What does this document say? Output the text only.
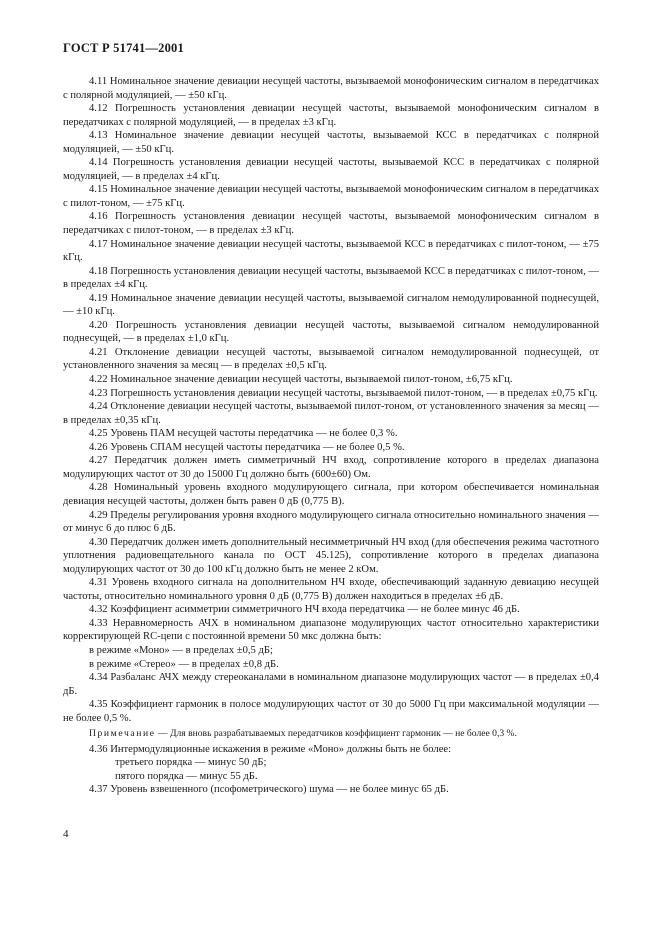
ГОСТ Р 51741—2001

4.11 Номинальное значение девиации несущей частоты, вызываемой монофоническим сигналом в передатчиках с полярной модуляцией, — ±50 кГц.

4.12 Погрешность установления девиации несущей частоты, вызываемой монофоническим сигналом в передатчиках с полярной модуляцией, — в пределах ±3 кГц.

4.13 Номинальное значение девиации несущей частоты, вызываемой КСС в передатчиках с полярной модуляцией, — ±50 кГц.

4.14 Погрешность установления девиации несущей частоты, вызываемой КСС в передатчиках с полярной модуляцией, — в пределах ±4 кГц.

4.15 Номинальное значение девиации несущей частоты, вызываемой монофоническим сигналом в передатчиках с пилот-тоном, — ±75 кГц.

4.16 Погрешность установления девиации несущей частоты, вызываемой монофоническим сигналом в передатчиках с пилот-тоном, — в пределах ±3 кГц.

4.17 Номинальное значение девиации несущей частоты, вызываемой КСС в передатчиках с пилот-тоном, — ±75 кГц.

4.18 Погрешность установления девиации несущей частоты, вызываемой КСС в передатчиках с пилот-тоном, — в пределах ±4 кГц.

4.19 Номинальное значение девиации несущей частоты, вызываемой сигналом немодулированной поднесущей, — ±10 кГц.

4.20 Погрешность установления девиации несущей частоты, вызываемой сигналом немодулированной поднесущей, — в пределах ±1,0 кГц.

4.21 Отклонение девиации несущей частоты, вызываемой сигналом немодулированной поднесущей, от установленного значения за месяц — в пределах ±0,5 кГц.

4.22 Номинальное значение девиации несущей частоты, вызываемой пилот-тоном, ±6,75 кГц.

4.23 Погрешность установления девиации несущей частоты, вызываемой пилот-тоном, — в пределах ±0,75 кГц.

4.24 Отклонение девиации несущей частоты, вызываемой пилот-тоном, от установленного значения за месяц — в пределах ±0,35 кГц.

4.25 Уровень ПАМ несущей частоты передатчика — не более 0,3 %.

4.26 Уровень СПАМ несущей частоты передатчика — не более 0,5 %.

4.27 Передатчик должен иметь симметричный НЧ вход, сопротивление которого в пределах диапазона модулирующих частот от 30 до 15000 Гц должно быть (600±60) Ом.

4.28 Номинальный уровень входного модулирующего сигнала, при котором обеспечивается номинальная девиация несущей частоты, должен быть равен 0 дБ (0,775 В).

4.29 Пределы регулирования уровня входного модулирующего сигнала относительно номинального значения — от минус 6 до плюс 6 дБ.

4.30 Передатчик должен иметь дополнительный несимметричный НЧ вход (для обеспечения режима частотного уплотнения радиовещательного канала по ОСТ 45.125), сопротивление которого в пределах диапазона модулирующих частот от 30 до 100 кГц должно быть не менее 2 кОм.

4.31 Уровень входного сигнала на дополнительном НЧ входе, обеспечивающий заданную девиацию несущей частоты, относительно номинального уровня 0 дБ (0,775 В) должен находиться в пределах ±6 дБ.

4.32 Коэффициент асимметрии симметричного НЧ входа передатчика — не более минус 46 дБ.

4.33 Неравномерность АЧХ в номинальном диапазоне модулирующих частот относительно характеристики корректирующей RC-цепи с постоянной времени 50 мкс должна быть:

в режиме «Моно» — в пределах ±0,5 дБ;

в режиме «Стерео» — в пределах ±0,8 дБ.

4.34 Разбаланс АЧХ между стереоканалами в номинальном диапазоне модулирующих частот — в пределах ±0,4 дБ.

4.35 Коэффициент гармоник в полосе модулирующих частот от 30 до 5000 Гц при максимальной модуляции — не более 0,5 %.

Примечание — Для вновь разрабатываемых передатчиков коэффициент гармоник — не более 0,3 %.

4.36 Интермодуляционные искажения в режиме «Моно» должны быть не более:

третьего порядка — минус 50 дБ;

пятого порядка — минус 55 дБ.

4.37 Уровень взвешенного (псофометрического) шума — не более минус 65 дБ.

4
